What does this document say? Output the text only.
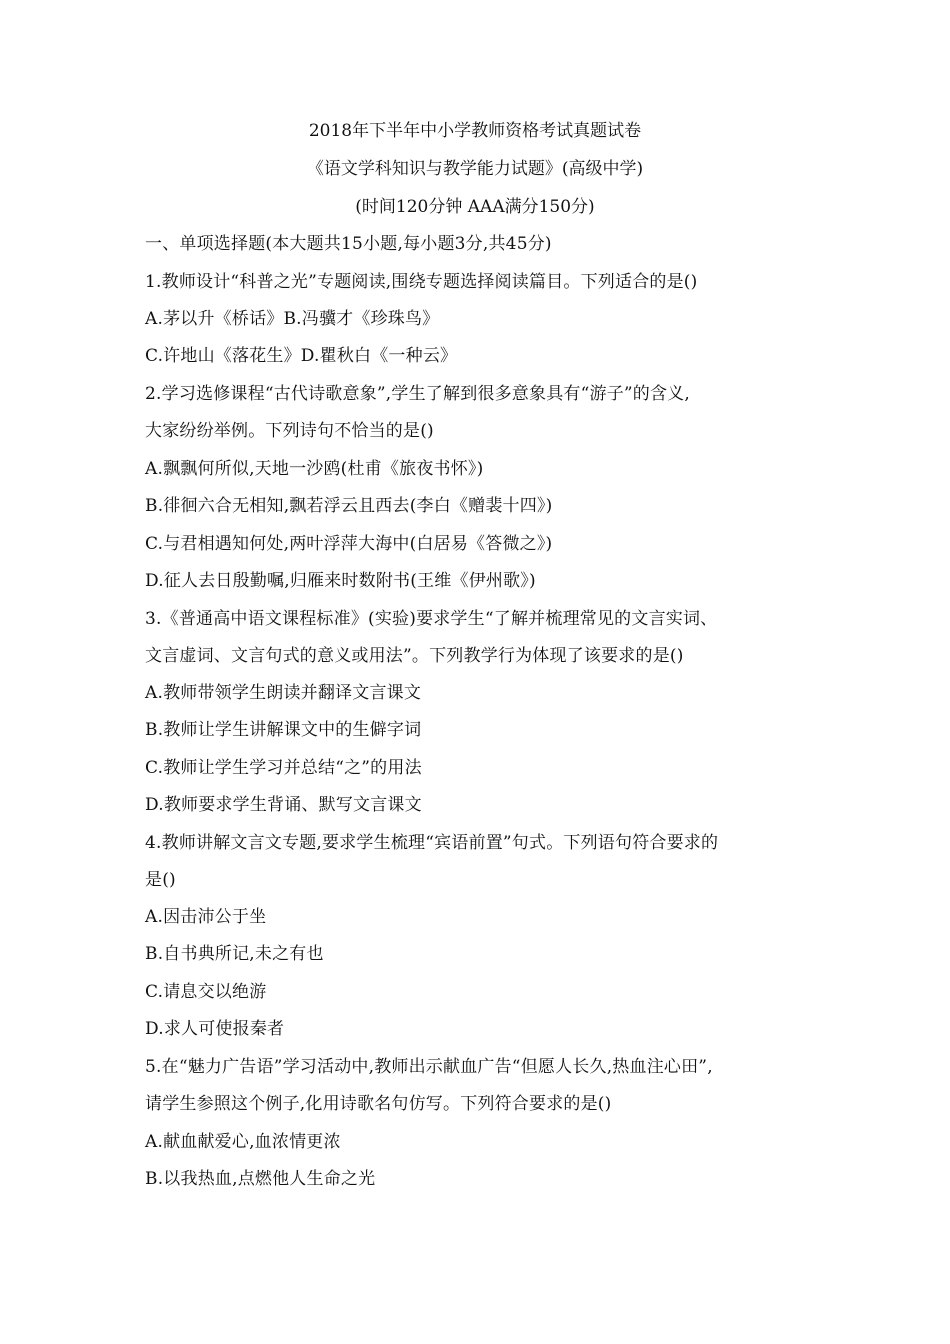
2018年下半年中小学教师资格考试真题试卷
《语文学科知识与教学能力试题》(高级中学)
(时间120分钟 AAA满分150分)
一、单项选择题(本大题共15小题,每小题3分,共45分)
1.教师设计“科普之光”专题阅读,围绕专题选择阅读篇目。下列适合的是()
A.茅以升《桥话》B.冯骥才《珍珠鸟》
C.许地山《落花生》D.瞿秋白《一种云》
2.学习选修课程“古代诗歌意象”,学生了解到很多意象具有“游子”的含义,
大家纷纷举例。下列诗句不恰当的是()
A.飘飘何所似,天地一沙鸥(杜甫《旅夜书怀》)
B.徘徊六合无相知,飘若浮云且西去(李白《赠裴十四》)
C.与君相遇知何处,两叶浮萍大海中(白居易《答微之》)
D.征人去日殷勤嘱,归雁来时数附书(王维《伊州歌》)
3.《普通高中语文课程标准》(实验)要求学生“了解并梳理常见的文言实词、
文言虚词、文言句式的意义或用法”。下列教学行为体现了该要求的是()
A.教师带领学生朗读并翻译文言课文
B.教师让学生讲解课文中的生僻字词
C.教师让学生学习并总结“之”的用法
D.教师要求学生背诵、默写文言课文
4.教师讲解文言文专题,要求学生梳理“宾语前置”句式。下列语句符合要求的
是()
A.因击沛公于坐
B.自书典所记,未之有也
C.请息交以绝游
D.求人可使报秦者
5.在“魅力广告语”学习活动中,教师出示献血广告“但愿人长久,热血注心田”,
请学生参照这个例子,化用诗歌名句仿写。下列符合要求的是()
A.献血献爱心,血浓情更浓
B.以我热血,点燃他人生命之光
